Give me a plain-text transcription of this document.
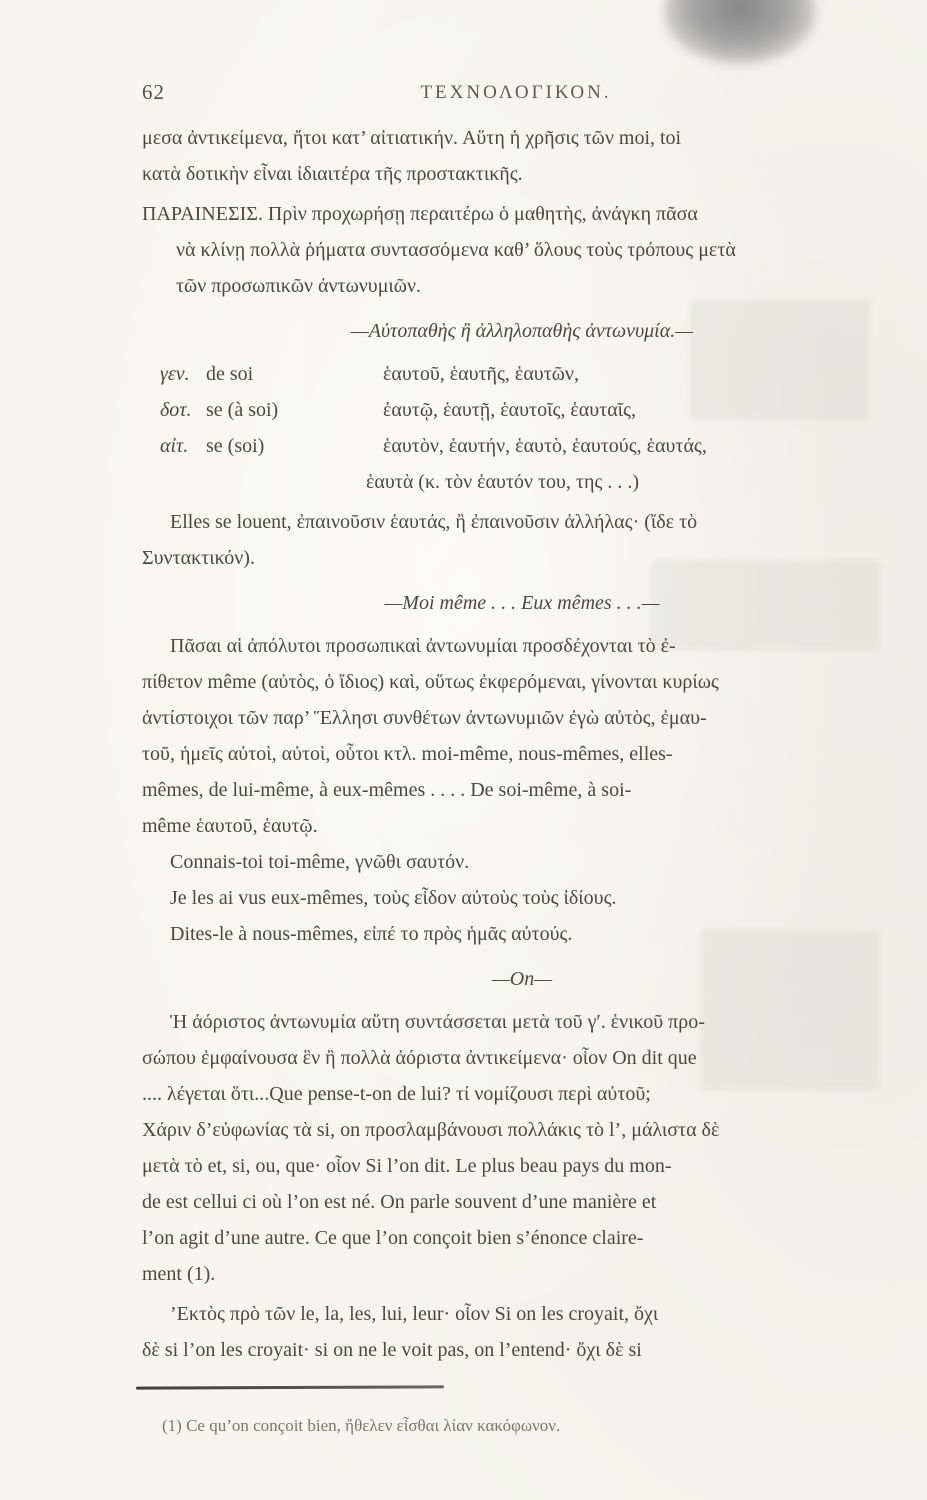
62	ΤΕΧΝΟΛΟΓΙΚΟΝ.
μεσα ἀντικείμενα, ἤτοι κατ’ αἰτιατικήν. Αὕτη ἡ χρῆσις τῶν moi, toi
κατὰ δοτικὴν εἶναι ἰδιαιτέρα τῆς προστακτικῆς.
ΠΑΡΑΙΝΕΣΙΣ. Πρὶν προχωρήσῃ περαιτέρω ὁ μαθητὴς, ἀνάγκη πᾶσα
νὰ κλίνῃ πολλὰ ῥήματα συντασσόμενα καθ’ ὅλους τοὺς τρόπους μετὰ
τῶν προσωπικῶν ἀντωνυμιῶν.
—Αὐτοπαθὴς ἢ ἀλληλοπαθὴς ἀντωνυμία.—
γεν. de soi	ἑαυτοῦ, ἑαυτῆς, ἑαυτῶν,
δοτ. se (à soi)	ἑαυτῷ, ἑαυτῇ, ἑαυτοῖς, ἑαυταῖς,
αἰτ. se (soi)	ἑαυτὸν, ἑαυτήν, ἑαυτὸ, ἑαυτούς, ἑαυτάς,
ἑαυτὰ (κ. τὸν ἑαυτόν του, της . . .)
Elles se louent, ἐπαινοῦσιν ἑαυτάς, ἢ ἐπαινοῦσιν ἀλλήλας· (ἴδε τὸ
Συντακτικόν).
—Moi même . . . Eux mêmes . . .—
Πᾶσαι αἱ ἀπόλυτοι προσωπικαὶ ἀντωνυμίαι προσδέχονται τὸ ἐ-
πίθετον même (αὐτὸς, ὁ ἴδιος) καὶ, οὕτως ἐκφερόμεναι, γίνονται κυρίως
ἀντίστοιχοι τῶν παρ’ Ἕλλησι συνθέτων ἀντωνυμιῶν ἐγὼ αὐτὸς, ἐμαυ-
τοῦ, ἡμεῖς αὐτοὶ, αὐτοὶ, οὗτοι κτλ. moi-même, nous-mêmes, elles-
mêmes, de lui-même, à eux-mêmes . . . . De soi-même, à soi-
même ἑαυτοῦ, ἑαυτῷ.
Connais-toi toi-même, γνῶθι σαυτόν.
Je les ai vus eux-mêmes, τοὺς εἶδον αὐτοὺς τοὺς ἰδίους.
Dites-le à nous-mêmes, εἰπέ το πρὸς ἡμᾶς αὐτούς.
—On—
Ἡ ἀόριστος ἀντωνυμία αὕτη συντάσσεται μετὰ τοῦ γ′. ἑνικοῦ προ-
σώπου ἐμφαίνουσα ἓν ἢ πολλὰ ἀόριστα ἀντικείμενα· οἷον On dit que
.... λέγεται ὅτι...Que pense-t-on de lui? τί νομίζουσι περὶ αὐτοῦ;
Χάριν δ’εὐφωνίας τὰ si, on προσλαμβάνουσι πολλάκις τὸ l’, μάλιστα δὲ
μετὰ τὸ et, si, ou, que· οἷον Si l’on dit. Le plus beau pays du mon-
de est cellui ci où l’on est né. On parle souvent d’une manière et
l’on agit d’une autre. Ce que l’on conçoit bien s’énonce claire-
ment (1).
’Εκτὸς πρὸ τῶν le, la, les, lui, leur· οἷον Si on les croyait, ὄχι
δὲ si l’on les croyait· si on ne le voit pas, on l’entend· ὄχι δὲ si
(1) Ce qu’on conçoit bien, ἤθελεν εἶσθαι λίαν κακόφωνον.
